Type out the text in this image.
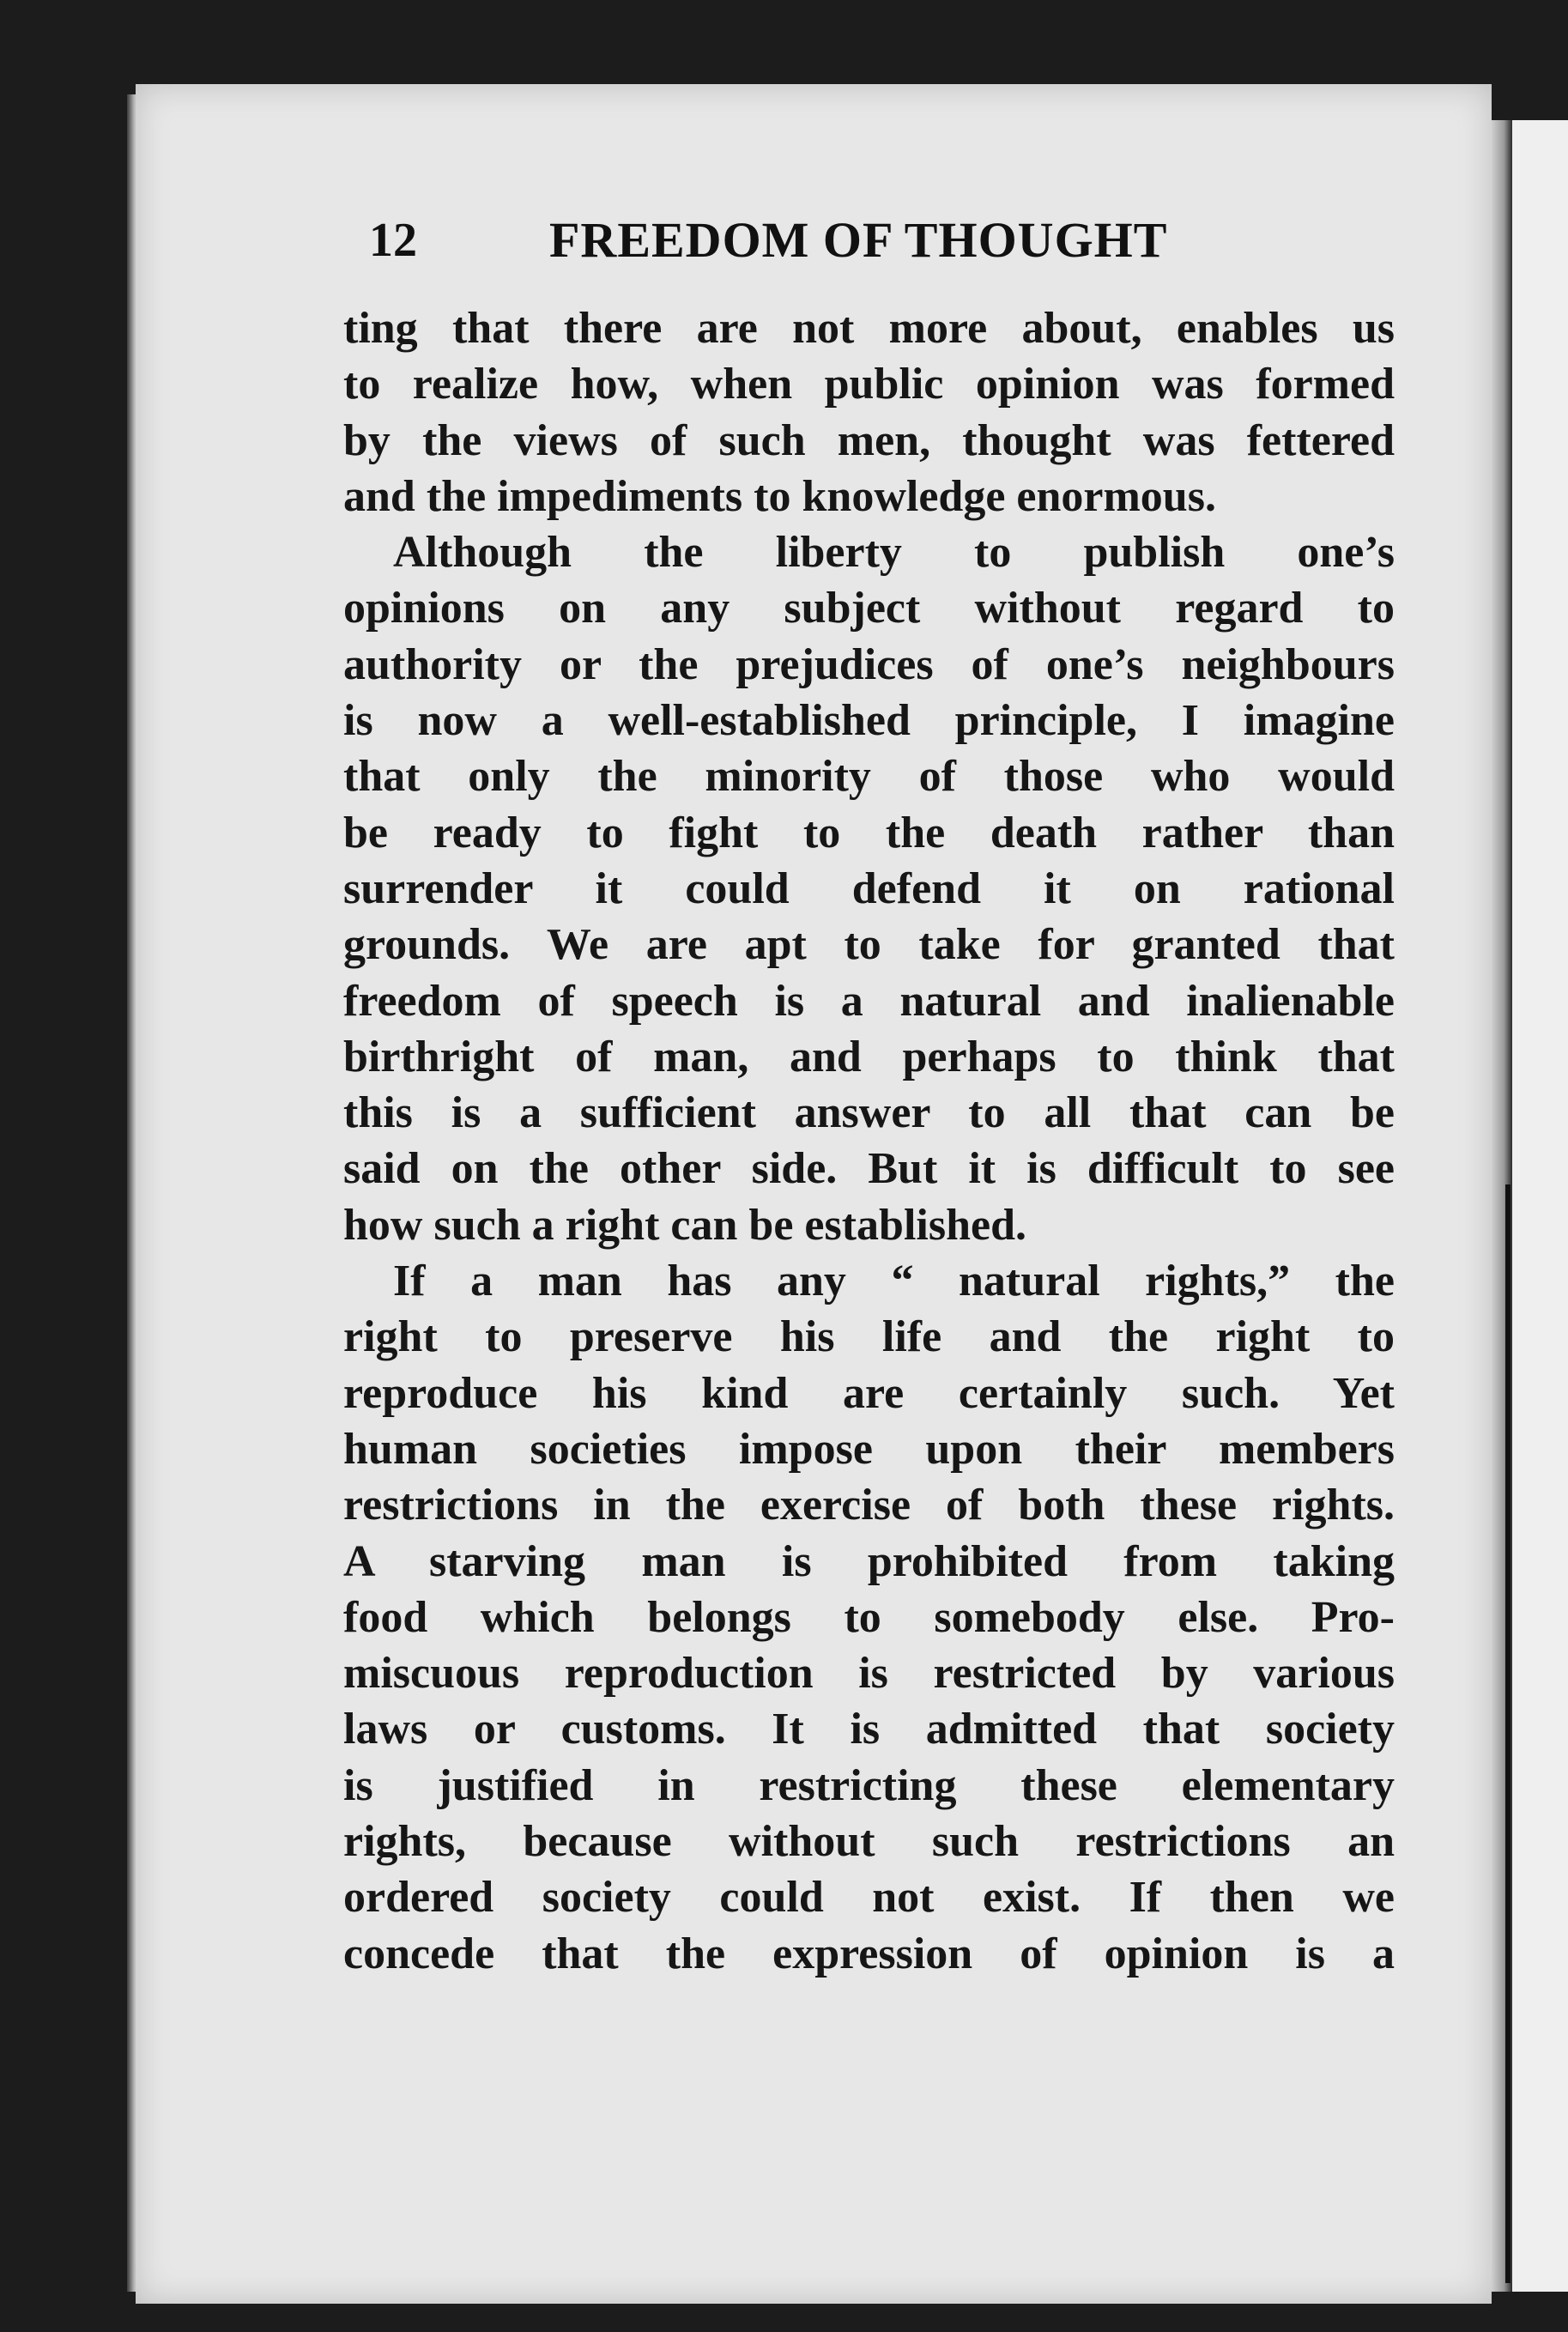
12	FREEDOM OF THOUGHT
ting that there are not more about, enables us
to realize how, when public opinion was formed
by the views of such men, thought was fettered
and the impediments to knowledge enormous.
Although the liberty to publish one’s
opinions on any subject without regard to
authority or the prejudices of one’s neighbours
is now a well-established principle, I imagine
that only the minority of those who would
be ready to fight to the death rather than
surrender it could defend it on rational
grounds. We are apt to take for granted that
freedom of speech is a natural and inalienable
birthright of man, and perhaps to think that
this is a sufficient answer to all that can be
said on the other side. But it is difficult to see
how such a right can be established.
If a man has any “ natural rights,” the
right to preserve his life and the right to
reproduce his kind are certainly such. Yet
human societies impose upon their members
restrictions in the exercise of both these rights.
A starving man is prohibited from taking
food which belongs to somebody else. Pro-
miscuous reproduction is restricted by various
laws or customs. It is admitted that society
is justified in restricting these elementary
rights, because without such restrictions an
ordered society could not exist. If then we
concede that the expression of opinion is a
